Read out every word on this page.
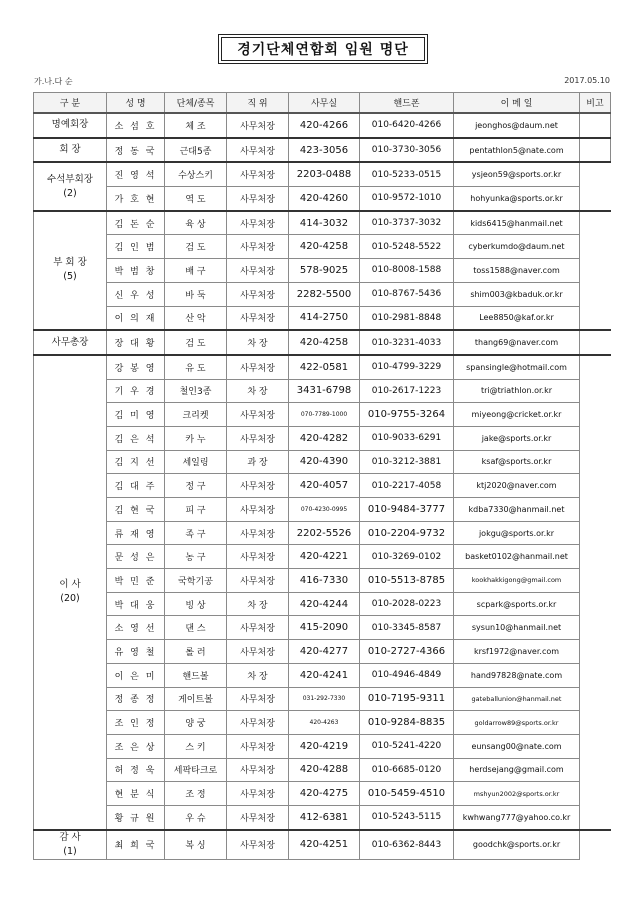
경기단체연합회 임원 명단
가.나.다 순	2017.05.10
구 분	성 명	단체/종목	직 위	사무실	핸드폰	이 메 일	비고

명예회장	소 섬 호	체 조	사무처장	420-4266	010-6420-4266	jeonghos@daum.net	

회 장	정 동 국	근대5종	사무처장	423-3056	010-3730-3056	pentathlon5@nate.com	

수석부회장
(2)	진 영 석	수상스키	사무처장	2203-0488	010-5233-0515	ysjeon59@sports.or.kr	
	가 호 현	역 도	사무처장	420-4260	010-9572-1010	hohyunka@sports.or.kr	

부 회 장
(5)	김 돈 순	육 상	사무처장	414-3032	010-3737-3032	kids6415@hanmail.net	
	김 인 범	검 도	사무처장	420-4258	010-5248-5522	cyberkumdo@daum.net	
	박 범 창	배 구	사무처장	578-9025	010-8008-1588	toss1588@naver.com	
	신 우 성	바 둑	사무처장	2282-5500	010-8767-5436	shim003@kbaduk.or.kr	
	이 의 재	산 악	사무처장	414-2750	010-2981-8848	Lee8850@kaf.or.kr	

사무총장	장 대 황	검 도	차 장	420-4258	010-3231-4033	thang69@naver.com	

이 사
(20)	강 봉 영	유 도	사무처장	422-0581	010-4799-3229	spansingle@hotmail.com	
	기 우 경	철인3종	차 장	3431-6798	010-2617-1223	tri@triathlon.or.kr	
	김 미 영	크리켓	사무처장	070-7789-1000	010-9755-3264	miyeong@cricket.or.kr	
	김 은 석	카 누	사무처장	420-4282	010-9033-6291	jake@sports.or.kr	
	김 지 선	세일링	과 장	420-4390	010-3212-3881	ksaf@sports.or.kr	
	김 대 주	정 구	사무처장	420-4057	010-2217-4058	ktj2020@naver.com	
	김 현 국	피 구	사무처장	070-4230-0995	010-9484-3777	kdba7330@hanmail.net	
	류 재 영	족 구	사무처장	2202-5526	010-2204-9732	jokgu@sports.or.kr	
	문 성 은	농 구	사무처장	420-4221	010-3269-0102	basket0102@hanmail.net	
	박 민 준	국학기공	사무처장	416-7330	010-5513-8785	kookhakkigong@gmail.com	
	박 대 웅	빙 상	차 장	420-4244	010-2028-0223	scpark@sports.or.kr	
	소 영 선	댄 스	사무처장	415-2090	010-3345-8587	sysun10@hanmail.net	
	유 영 철	롤 러	사무처장	420-4277	010-2727-4366	krsf1972@naver.com	
	이 은 미	핸드볼	차 장	420-4241	010-4946-4849	hand97828@nate.com	
	정 종 정	게이트볼	사무처장	031-292-7330	010-7195-9311	gateballunion@hanmail.net	
	조 인 정	양 궁	사무처장	420-4263	010-9284-8835	goldarrow89@sports.or.kr	
	조 은 상	스 키	사무처장	420-4219	010-5241-4220	eunsang00@nate.com	
	허 정 욱	세팍타크로	사무처장	420-4288	010-6685-0120	herdsejang@gmail.com	
	현 분 식	조 정	사무처장	420-4275	010-5459-4510	mshyun2002@sports.or.kr	
	황 규 원	우 슈	사무처장	412-6381	010-5243-5115	kwhwang777@yahoo.co.kr	

감 사
(1)	최 희 국	복 싱	사무처장	420-4251	010-6362-8443	goodchk@sports.or.kr	
